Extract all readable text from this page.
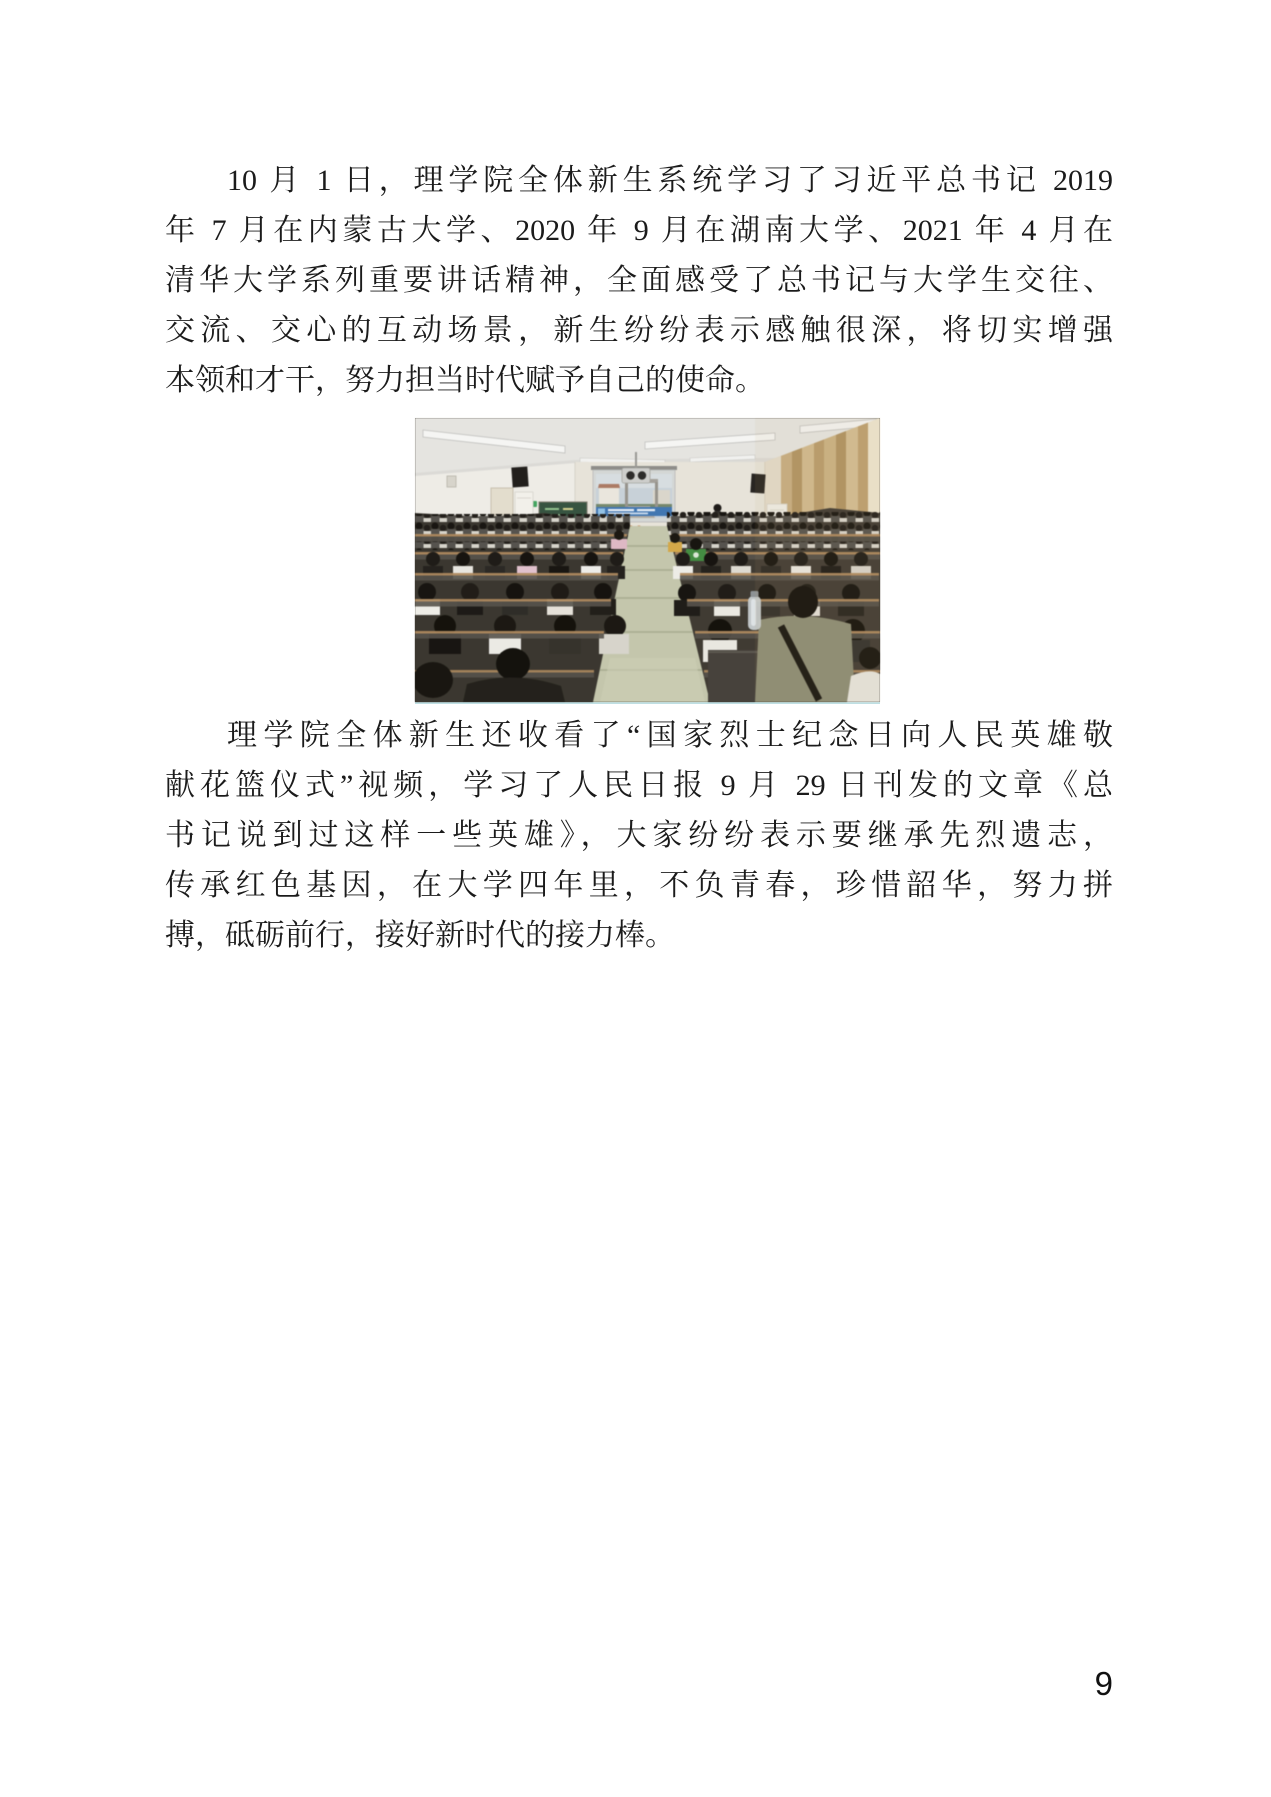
10 月 1 日，理学院全体新生系统学习了习近平总书记 2019
年 7 月在内蒙古大学、2020 年 9 月在湖南大学、2021 年 4 月在
清华大学系列重要讲话精神，全面感受了总书记与大学生交往、
交流、交心的互动场景，新生纷纷表示感触很深，将切实增强
本领和才干，努力担当时代赋予自己的使命。
理学院全体新生还收看了“国家烈士纪念日向人民英雄敬
献花篮仪式”视频，学习了人民日报 9 月 29 日刊发的文章《总
书记说到过这样一些英雄》，大家纷纷表示要继承先烈遗志，
传承红色基因，在大学四年里，不负青春，珍惜韶华，努力拼
搏，砥砺前行，接好新时代的接力棒。
9
